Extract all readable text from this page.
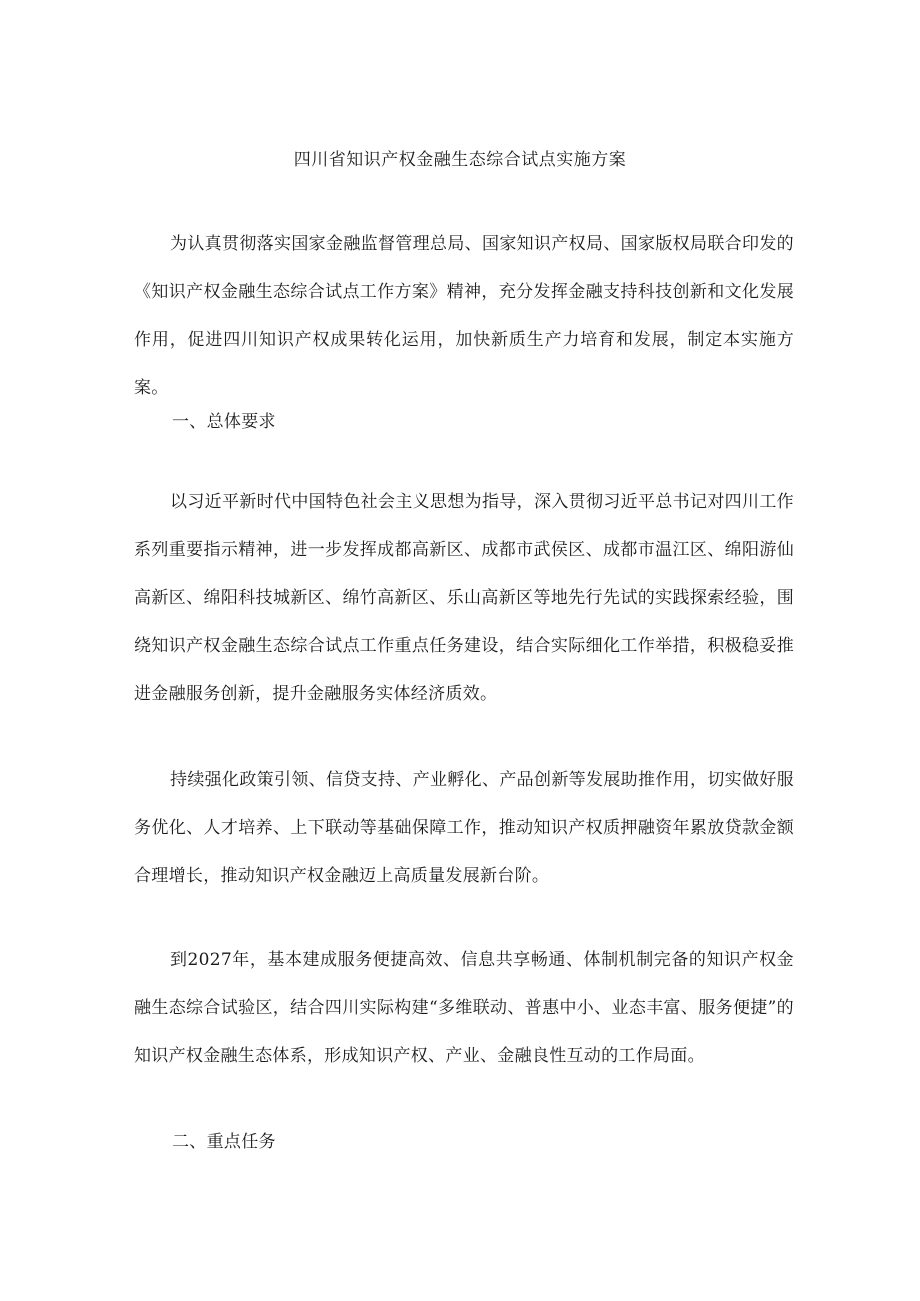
四川省知识产权金融生态综合试点实施方案

为认真贯彻落实国家金融监督管理总局、国家知识产权局、国家版权局联合印发的《知识产权金融生态综合试点工作方案》精神，充分发挥金融支持科技创新和文化发展作用，促进四川知识产权成果转化运用，加快新质生产力培育和发展，制定本实施方案。

一、总体要求

以习近平新时代中国特色社会主义思想为指导，深入贯彻习近平总书记对四川工作系列重要指示精神，进一步发挥成都高新区、成都市武侯区、成都市温江区、绵阳游仙高新区、绵阳科技城新区、绵竹高新区、乐山高新区等地先行先试的实践探索经验，围绕知识产权金融生态综合试点工作重点任务建设，结合实际细化工作举措，积极稳妥推进金融服务创新，提升金融服务实体经济质效。

持续强化政策引领、信贷支持、产业孵化、产品创新等发展助推作用，切实做好服务优化、人才培养、上下联动等基础保障工作，推动知识产权质押融资年累放贷款金额合理增长，推动知识产权金融迈上高质量发展新台阶。

到2027年，基本建成服务便捷高效、信息共享畅通、体制机制完备的知识产权金融生态综合试验区，结合四川实际构建“多维联动、普惠中小、业态丰富、服务便捷”的知识产权金融生态体系，形成知识产权、产业、金融良性互动的工作局面。

二、重点任务
